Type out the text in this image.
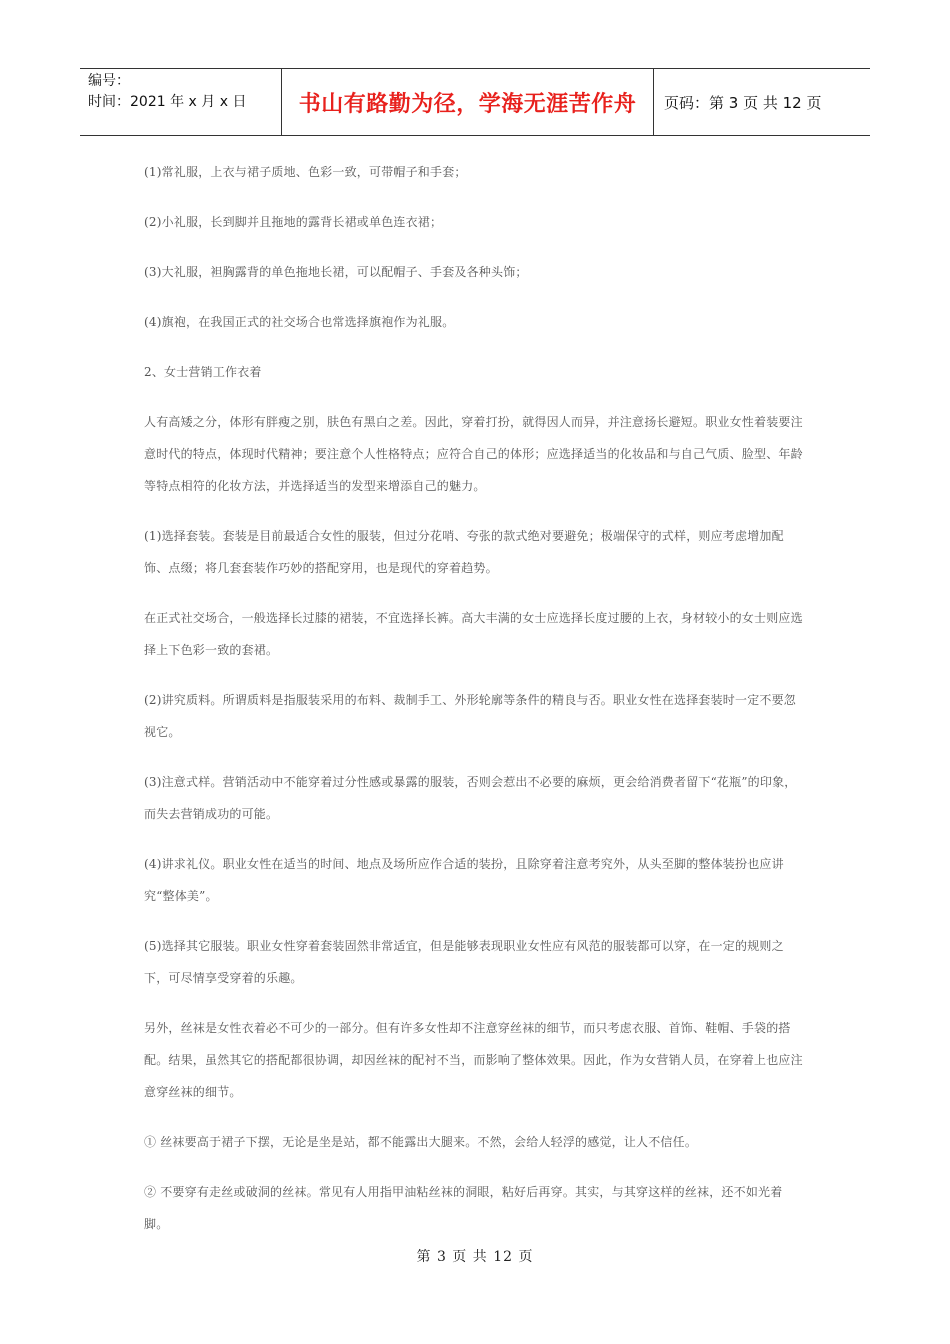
编号：
时间：2021 年 x 月 x 日	书山有路勤为径，学海无涯苦作舟	页码：第 3 页 共 12 页

(1)常礼服，上衣与裙子质地、色彩一致，可带帽子和手套；

(2)小礼服，长到脚并且拖地的露背长裙或单色连衣裙；

(3)大礼服，袒胸露背的单色拖地长裙，可以配帽子、手套及各种头饰；

(4)旗袍，在我国正式的社交场合也常选择旗袍作为礼服。

2、女士营销工作衣着

人有高矮之分，体形有胖瘦之别，肤色有黑白之差。因此，穿着打扮，就得因人而异，并注意扬长避短。职业女性着装要注意时代的特点，体现时代精神；要注意个人性格特点；应符合自己的体形；应选择适当的化妆品和与自己气质、脸型、年龄等特点相符的化妆方法，并选择适当的发型来增添自己的魅力。

(1)选择套装。套装是目前最适合女性的服装，但过分花哨、夸张的款式绝对要避免；极端保守的式样，则应考虑增加配饰、点缀；将几套套装作巧妙的搭配穿用，也是现代的穿着趋势。

在正式社交场合，一般选择长过膝的裙装，不宜选择长裤。高大丰满的女士应选择长度过腰的上衣，身材较小的女士则应选择上下色彩一致的套裙。

(2)讲究质料。所谓质料是指服装采用的布料、裁制手工、外形轮廓等条件的精良与否。职业女性在选择套装时一定不要忽视它。

(3)注意式样。营销活动中不能穿着过分性感或暴露的服装，否则会惹出不必要的麻烦，更会给消费者留下“花瓶”的印象，而失去营销成功的可能。

(4)讲求礼仪。职业女性在适当的时间、地点及场所应作合适的装扮，且除穿着注意考究外，从头至脚的整体装扮也应讲究“整体美”。

(5)选择其它服装。职业女性穿着套装固然非常适宜，但是能够表现职业女性应有风范的服装都可以穿，在一定的规则之下，可尽情享受穿着的乐趣。

另外，丝袜是女性衣着必不可少的一部分。但有许多女性却不注意穿丝袜的细节，而只考虑衣服、首饰、鞋帽、手袋的搭配。结果，虽然其它的搭配都很协调，却因丝袜的配衬不当，而影响了整体效果。因此，作为女营销人员，在穿着上也应注意穿丝袜的细节。

① 丝袜要高于裙子下摆，无论是坐是站，都不能露出大腿来。不然，会给人轻浮的感觉，让人不信任。

② 不要穿有走丝或破洞的丝袜。常见有人用指甲油粘丝袜的洞眼，粘好后再穿。其实，与其穿这样的丝袜，还不如光着脚。

第 3 页 共 12 页
